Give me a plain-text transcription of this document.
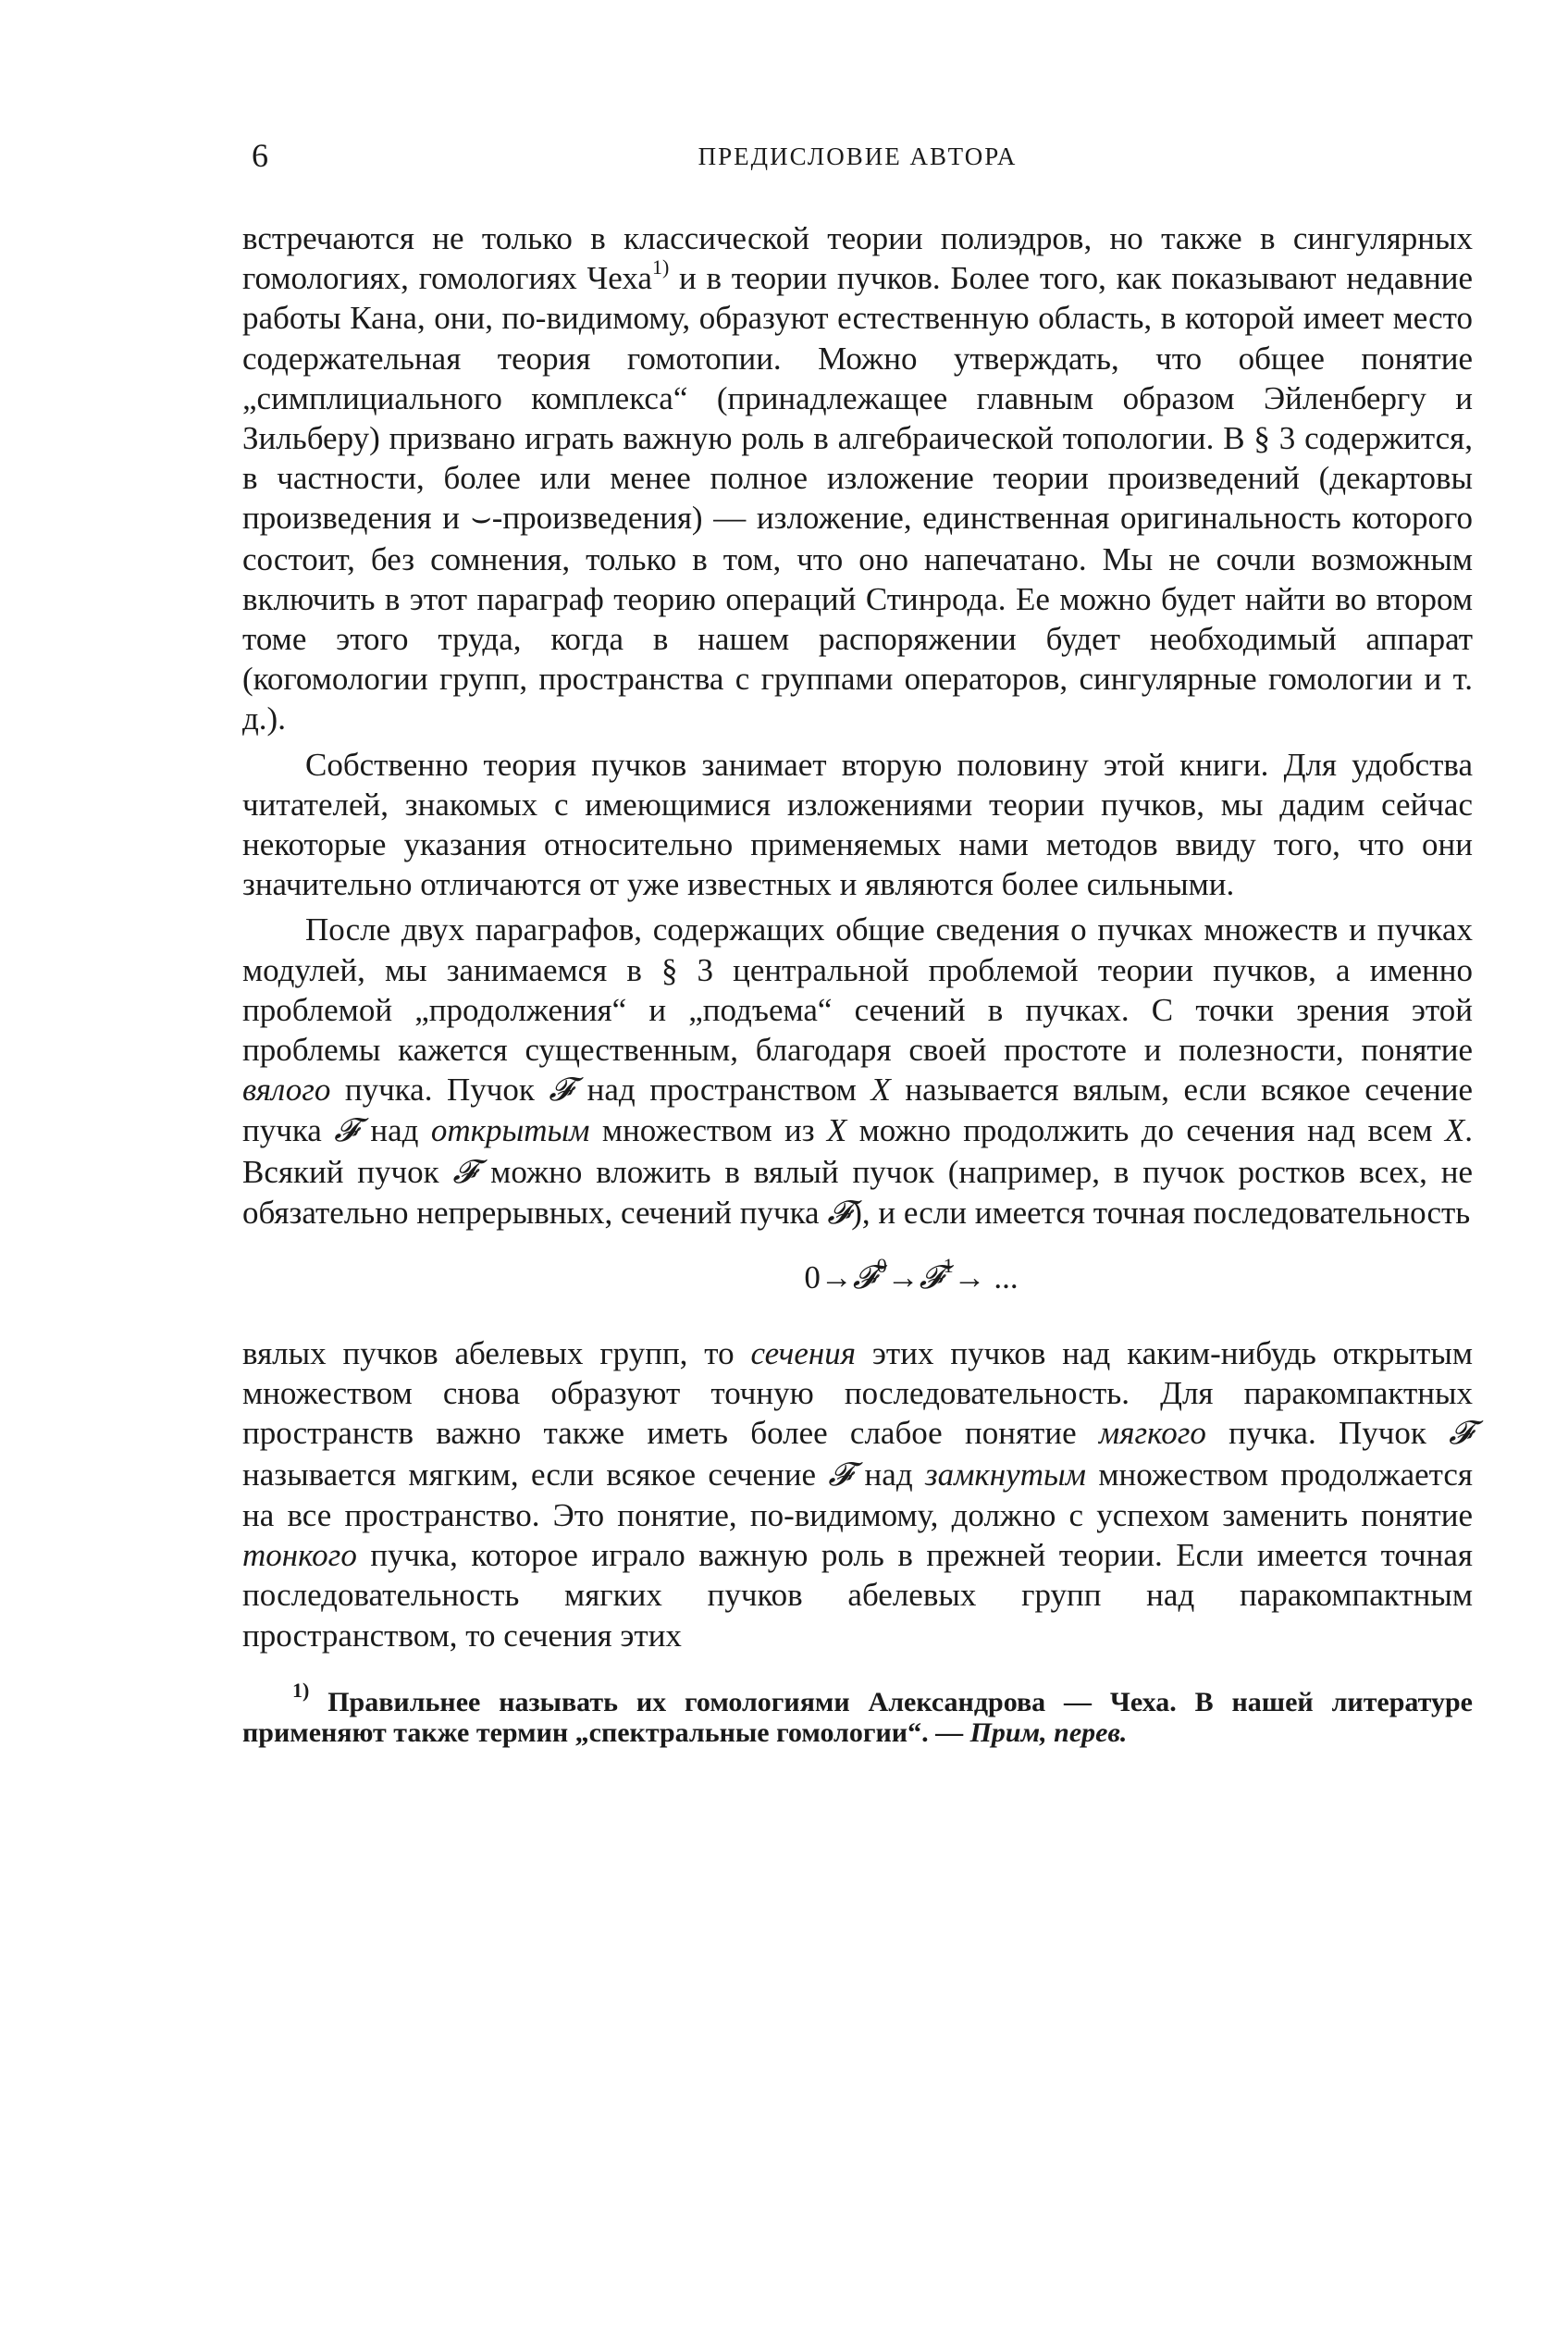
6	ПРЕДИСЛОВИЕ АВТОРА

встречаются не только в классической теории полиэдров, но также в сингулярных гомологиях, гомологиях Чеха$^{1)}$ и в теории пучков. Более того, как показывают недавние работы Кана, они, по-видимому, образуют естественную область, в которой имеет место содержательная теория гомотопии. Можно утверждать, что общее понятие „симплициального комплекса“ (принадлежащее главным образом Эйленбергу и Зильберу) призвано играть важную роль в алгебраической топологии. В § 3 содержится, в частности, более или менее полное изложение теории произведений (декартовы произведения и ⌣-произведения) — изложение, единственная оригинальность которого состоит, без сомнения, только в том, что оно напечатано. Мы не сочли возможным включить в этот параграф теорию операций Стинрода. Ее можно будет найти во втором томе этого труда, когда в нашем распоряжении будет необходимый аппарат (когомологии групп, пространства с группами операторов, сингулярные гомологии и т. д.).

Собственно теория пучков занимает вторую половину этой книги. Для удобства читателей, знакомых с имеющимися изложениями теории пучков, мы дадим сейчас некоторые указания относительно применяемых нами методов ввиду того, что они значительно отличаются от уже известных и являются более сильными.

После двух параграфов, содержащих общие сведения о пучках множеств и пучках модулей, мы занимаемся в § 3 центральной проблемой теории пучков, а именно проблемой „продолжения“ и „подъема“ сечений в пучках. С точки зрения этой проблемы кажется существенным, благодаря своей простоте и полезности, понятие вялого пучка. Пучок 𝓕 над пространством X называется вялым, если всякое сечение пучка 𝓕 над открытым множеством из X можно продолжить до сечения над всем X. Всякий пучок 𝓕 можно вложить в вялый пучок (например, в пучок ростков всех, не обязательно непрерывных, сечений пучка 𝓕), и если имеется точная последовательность

0→𝓕$^0$→𝓕$^1$→ ...

вялых пучков абелевых групп, то сечения этих пучков над каким-нибудь открытым множеством снова образуют точную последовательность. Для паракомпактных пространств важно также иметь более слабое понятие мягкого пучка. Пучок 𝓕 называется мягким, если всякое сечение 𝓕 над замкнутым множеством продолжается на все пространство. Это понятие, по-видимому, должно с успехом заменить понятие тонкого пучка, которое играло важную роль в прежней теории. Если имеется точная последовательность мягких пучков абелевых групп над паракомпактным пространством, то сечения этих

$^{1)}$ Правильнее называть их гомологиями Александрова — Чеха. В нашей литературе применяют также термин „спектральные гомологии“. — Прим, перев.
